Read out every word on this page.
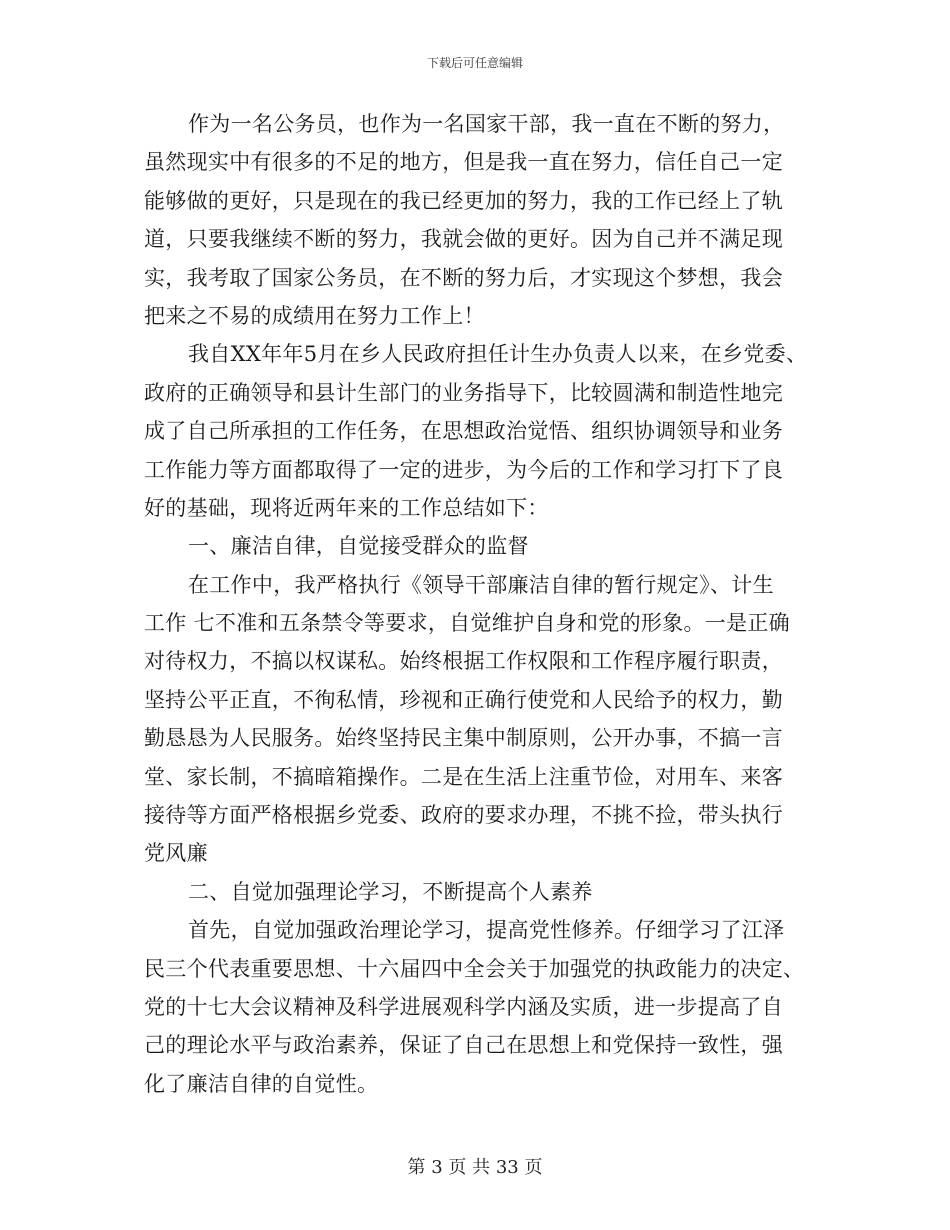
下载后可任意编辑
作为一名公务员，也作为一名国家干部，我一直在不断的努力，
虽然现实中有很多的不足的地方，但是我一直在努力，信任自己一定
能够做的更好，只是现在的我已经更加的努力，我的工作已经上了轨
道，只要我继续不断的努力，我就会做的更好。因为自己并不满足现
实，我考取了国家公务员，在不断的努力后，才实现这个梦想，我会
把来之不易的成绩用在努力工作上！
我自XX年年5月在乡人民政府担任计生办负责人以来，在乡党委、
政府的正确领导和县计生部门的业务指导下，比较圆满和制造性地完
成了自己所承担的工作任务，在思想政治觉悟、组织协调领导和业务
工作能力等方面都取得了一定的进步，为今后的工作和学习打下了良
好的基础，现将近两年来的工作总结如下：
一、廉洁自律，自觉接受群众的监督
在工作中，我严格执行《领导干部廉洁自律的暂行规定》、计生
工作 七不准和五条禁令等要求，自觉维护自身和党的形象。一是正确
对待权力，不搞以权谋私。始终根据工作权限和工作程序履行职责，
坚持公平正直，不徇私情，珍视和正确行使党和人民给予的权力，勤
勤恳恳为人民服务。始终坚持民主集中制原则，公开办事，不搞一言
堂、家长制，不搞暗箱操作。二是在生活上注重节俭，对用车、来客
接待等方面严格根据乡党委、政府的要求办理，不挑不捡，带头执行
党风廉
二、自觉加强理论学习，不断提高个人素养
首先，自觉加强政治理论学习，提高党性修养。仔细学习了江泽
民三个代表重要思想、十六届四中全会关于加强党的执政能力的决定、
党的十七大会议精神及科学进展观科学内涵及实质，进一步提高了自
己的理论水平与政治素养，保证了自己在思想上和党保持一致性，强
化了廉洁自律的自觉性。
第 3 页 共 33 页
